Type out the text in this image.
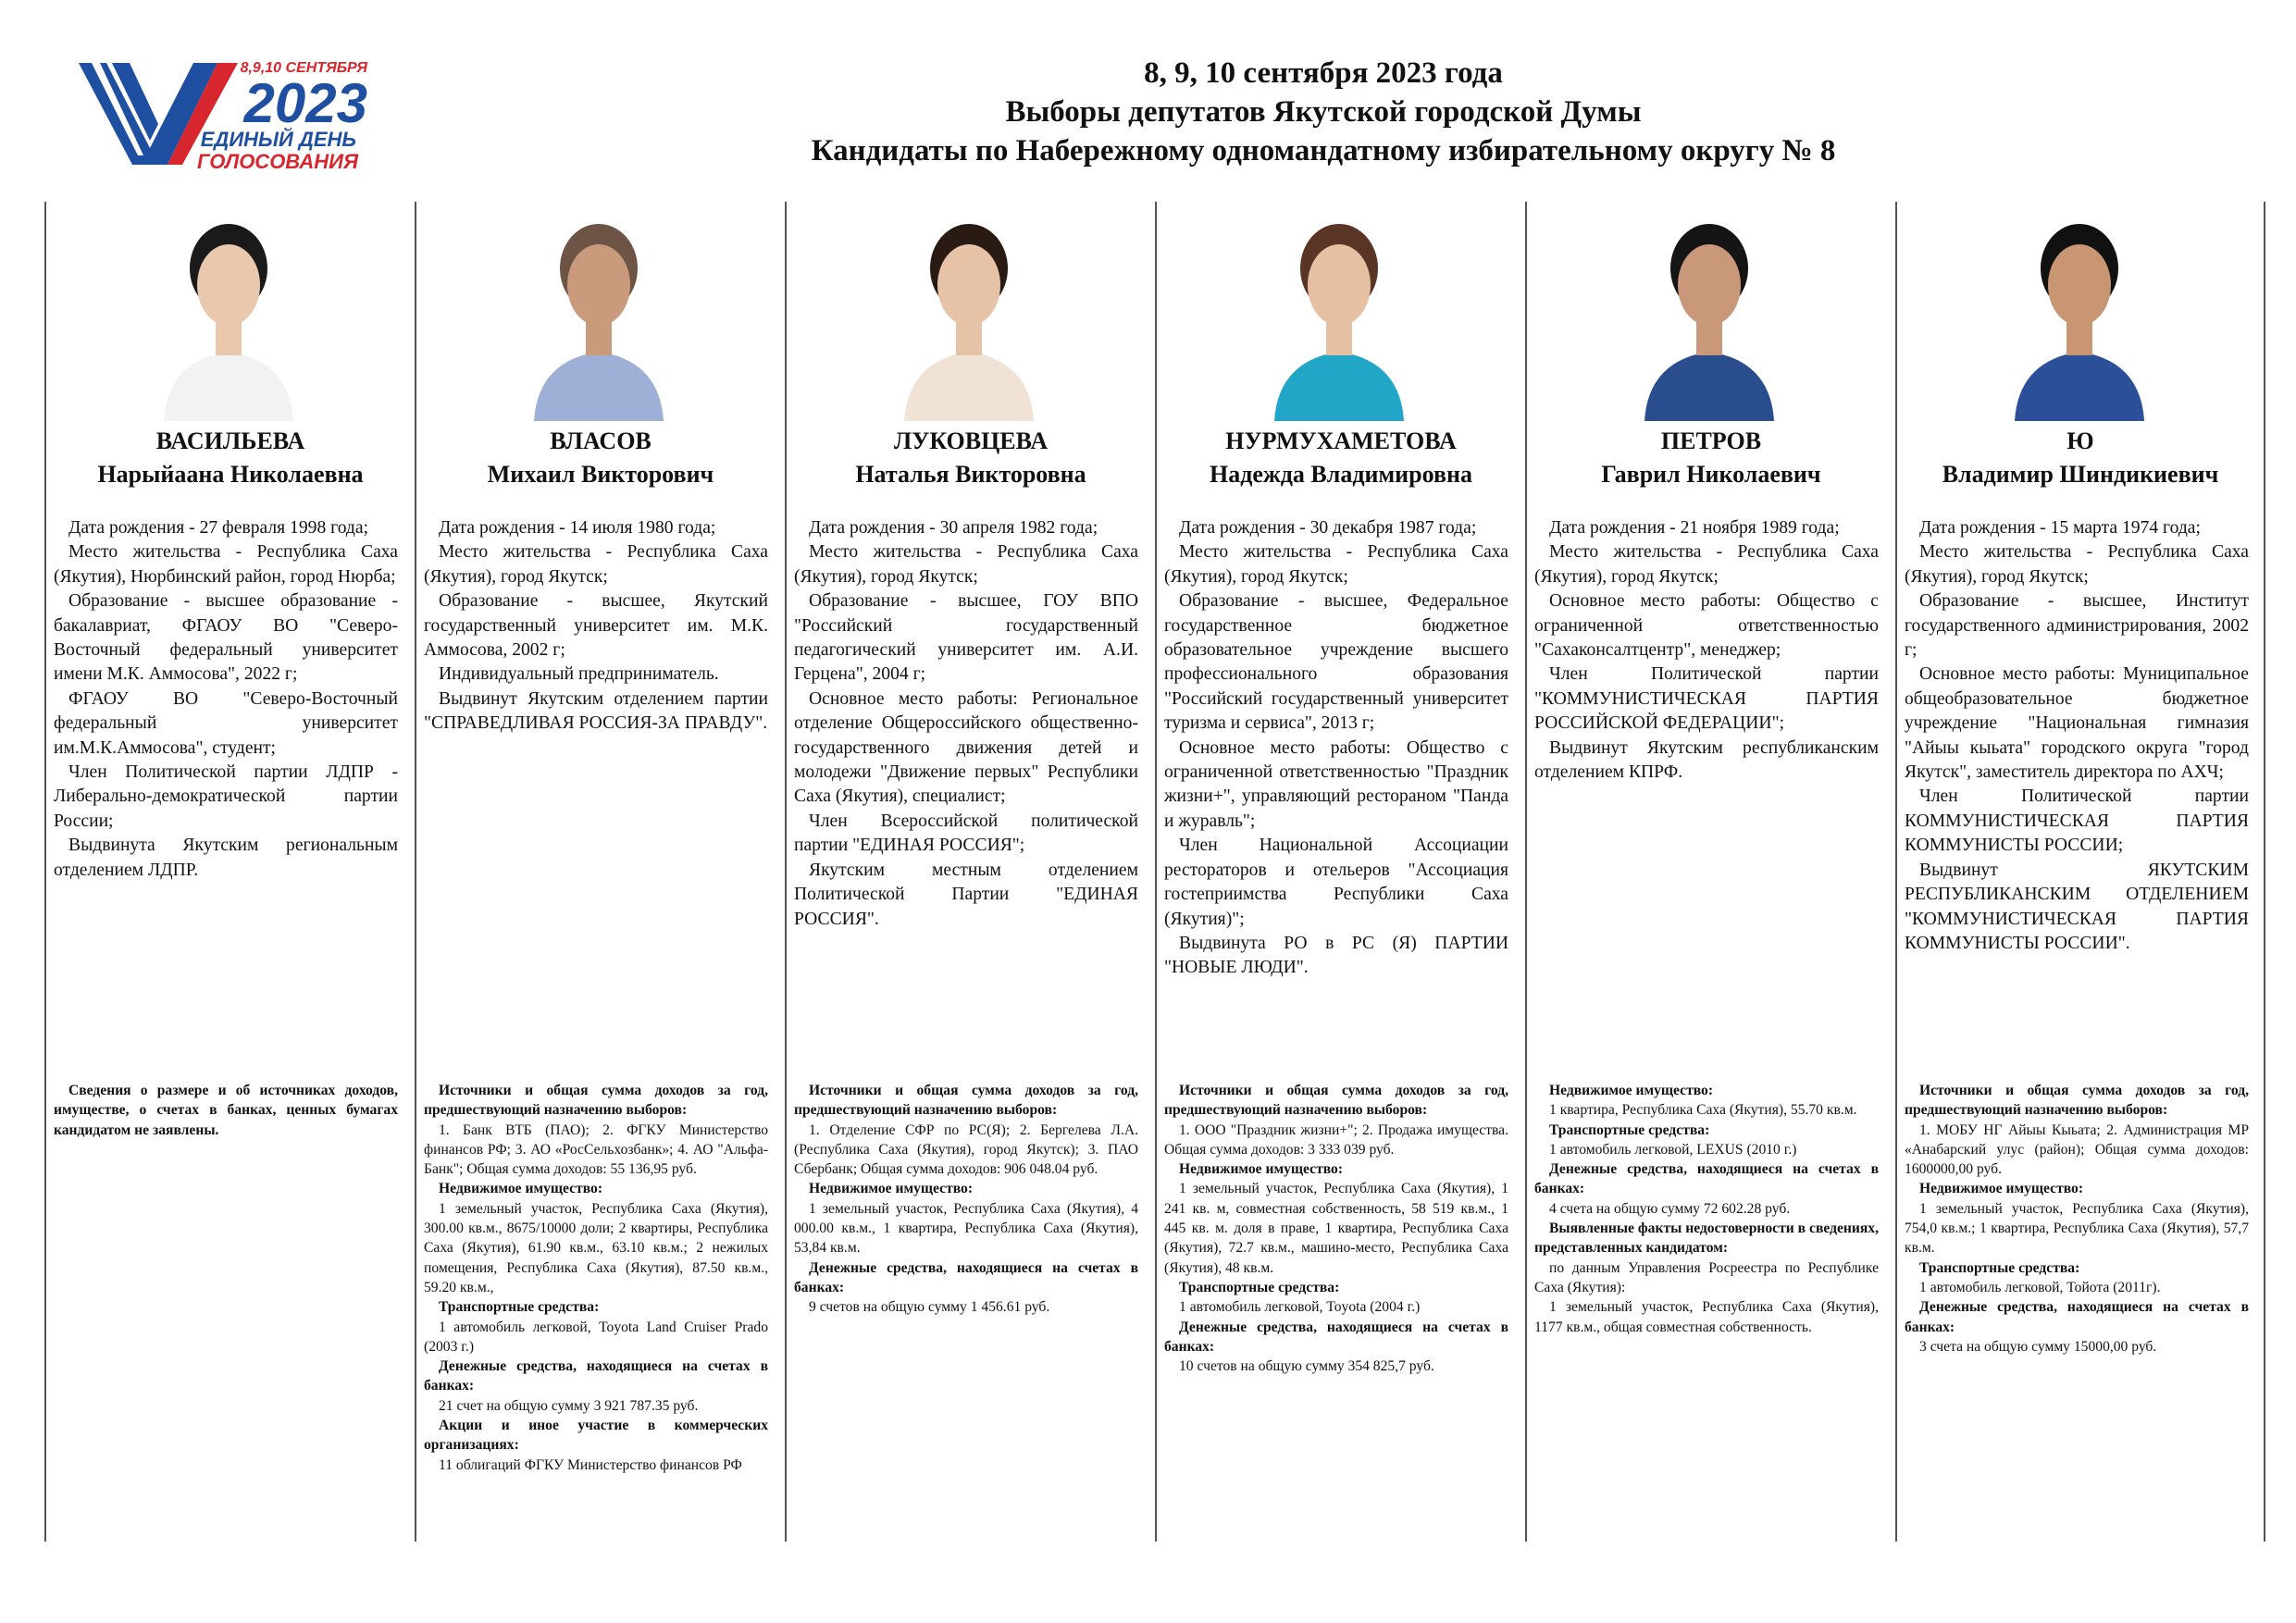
8,9,10 СЕНТЯБРЯ
2023
ЕДИНЫЙ ДЕНЬ
ГОЛОСОВАНИЯ
8, 9, 10 сентября 2023 года
Выборы депутатов Якутской городской Думы
Кандидаты по Набережному одномандатному избирательному округу № 8
ВАСИЛЬЕВА
Нарыйаана Николаевна

Дата рождения - 27 февраля 1998 года;

Место жительства - Республика Саха (Якутия), Нюрбинский район, город Нюрба;

Образование - высшее образование - бакалавриат, ФГАОУ ВО "Северо-Восточный федеральный университет имени М.К. Аммосова", 2022 г;

ФГАОУ ВО "Северо-Восточный федеральный университет им.М.К.Аммосова", студент;

Член Политической партии ЛДПР - Либерально-демократической партии России;

Выдвинута Якутским региональным отделением ЛДПР.

Сведения о размере и об источниках доходов, имуществе, о счетах в банках, ценных бумагах кандидатом не заявлены.

ВЛАСОВ
Михаил Викторович

Дата рождения - 14 июля 1980 года;

Место жительства - Республика Саха (Якутия), город Якутск;

Образование - высшее, Якутский государственный университет им. М.К. Аммосова, 2002 г;

Индивидуальный предприниматель.

Выдвинут Якутским отделением партии "СПРАВЕДЛИВАЯ РОССИЯ-ЗА ПРАВДУ".

Источники и общая сумма доходов за год, предшествующий назначению выборов:

1. Банк ВТБ (ПАО); 2. ФГКУ Министерство финансов РФ; 3. АО «РосСельхозбанк»; 4. АО "Альфа-Банк"; Общая сумма доходов: 55 136,95 руб.

Недвижимое имущество:

1 земельный участок, Республика Саха (Якутия), 300.00 кв.м., 8675/10000 доли; 2 квартиры, Республика Саха (Якутия), 61.90 кв.м., 63.10 кв.м.; 2 нежилых помещения, Республика Саха (Якутия), 87.50 кв.м., 59.20 кв.м.,

Транспортные средства:

1 автомобиль легковой, Toyota Land Cruiser Prado (2003 г.)

Денежные средства, находящиеся на счетах в банках:

21 счет на общую сумму 3 921 787.35 руб.

Акции и иное участие в коммерческих организациях:

11 облигаций ФГКУ Министерство финансов РФ

ЛУКОВЦЕВА
Наталья Викторовна

Дата рождения - 30 апреля 1982 года;

Место жительства - Республика Саха (Якутия), город Якутск;

Образование - высшее, ГОУ ВПО "Российский государственный педагогический университет им. А.И. Герцена", 2004 г;

Основное место работы: Региональное отделение Общероссийского общественно-государственного движения детей и молодежи "Движение первых" Республики Саха (Якутия), специалист;

Член Всероссийской политической партии "ЕДИНАЯ РОССИЯ";

Якутским местным отделением Политической Партии "ЕДИНАЯ РОССИЯ".

Источники и общая сумма доходов за год, предшествующий назначению выборов:

1. Отделение СФР по РС(Я); 2. Бергелева Л.А. (Республика Саха (Якутия), город Якутск); 3. ПАО Сбербанк; Общая сумма доходов: 906 048.04 руб.

Недвижимое имущество:

1 земельный участок, Республика Саха (Якутия), 4 000.00 кв.м., 1 квартира, Республика Саха (Якутия), 53,84 кв.м.

Денежные средства, находящиеся на счетах в банках:

9 счетов на общую сумму 1 456.61 руб.

НУРМУХАМЕТОВА
Надежда Владимировна

Дата рождения - 30 декабря 1987 года;

Место жительства - Республика Саха (Якутия), город Якутск;

Образование - высшее, Федеральное государственное бюджетное образовательное учреждение высшего профессионального образования "Российский государственный университет туризма и сервиса", 2013 г;

Основное место работы: Общество с ограниченной ответственностью "Праздник жизни+", управляющий рестораном "Панда и журавль";

Член Национальной Ассоциации рестораторов и отельеров "Ассоциация гостеприимства Республики Саха (Якутия)";

Выдвинута РО в РС (Я) ПАРТИИ "НОВЫЕ ЛЮДИ".

Источники и общая сумма доходов за год, предшествующий назначению выборов:

1. ООО "Праздник жизни+"; 2. Продажа имущества. Общая сумма доходов: 3 333 039 руб.

Недвижимое имущество:

1 земельный участок, Республика Саха (Якутия), 1 241 кв. м, совместная собственность, 58 519 кв.м., 1 445 кв. м. доля в праве, 1 квартира, Республика Саха (Якутия), 72.7 кв.м., машино-место, Республика Саха (Якутия), 48 кв.м.

Транспортные средства:

1 автомобиль легковой, Toyota (2004 г.)

Денежные средства, находящиеся на счетах в банках:

10 счетов на общую сумму 354 825,7 руб.

ПЕТРОВ
Гаврил Николаевич

Дата рождения - 21 ноября 1989 года;

Место жительства - Республика Саха (Якутия), город Якутск;

Основное место работы: Общество с ограниченной ответственностью "Сахаконсалтцентр", менеджер;

Член Политической партии "КОММУНИСТИЧЕСКАЯ ПАРТИЯ РОССИЙСКОЙ ФЕДЕРАЦИИ";

Выдвинут Якутским республиканским отделением КПРФ.

Недвижимое имущество:

1 квартира, Республика Саха (Якутия), 55.70 кв.м.

Транспортные средства:

1 автомобиль легковой, LEXUS (2010 г.)

Денежные средства, находящиеся на счетах в банках:

4 счета на общую сумму 72 602.28 руб.

Выявленные факты недостоверности в сведениях, представленных кандидатом:

по данным Управления Росреестра по Республике Саха (Якутия):

1 земельный участок, Республика Саха (Якутия), 1177 кв.м., общая совместная собственность.

Ю
Владимир Шиндикиевич

Дата рождения - 15 марта 1974 года;

Место жительства - Республика Саха (Якутия), город Якутск;

Образование - высшее, Институт государственного администрирования, 2002 г;

Основное место работы: Муниципальное общеобразовательное бюджетное учреждение "Национальная гимназия "Айыы кыьата" городского округа "город Якутск", заместитель директора по АХЧ;

Член Политической партии КОММУНИСТИЧЕСКАЯ ПАРТИЯ КОММУНИСТЫ РОССИИ;

Выдвинут ЯКУТСКИМ РЕСПУБЛИКАНСКИМ ОТДЕЛЕНИЕМ "КОММУНИСТИЧЕСКАЯ ПАРТИЯ КОММУНИСТЫ РОССИИ".

Источники и общая сумма доходов за год, предшествующий назначению выборов:

1. МОБУ НГ Айыы Кыьата; 2. Администрация МР «Анабарский улус (район); Общая сумма доходов: 1600000,00 руб.

Недвижимое имущество:

1 земельный участок, Республика Саха (Якутия), 754,0 кв.м.; 1 квартира, Республика Саха (Якутия), 57,7 кв.м.

Транспортные средства:

1 автомобиль легковой, Тойота (2011г).

Денежные средства, находящиеся на счетах в банках:

3 счета на общую сумму 15000,00 руб.
